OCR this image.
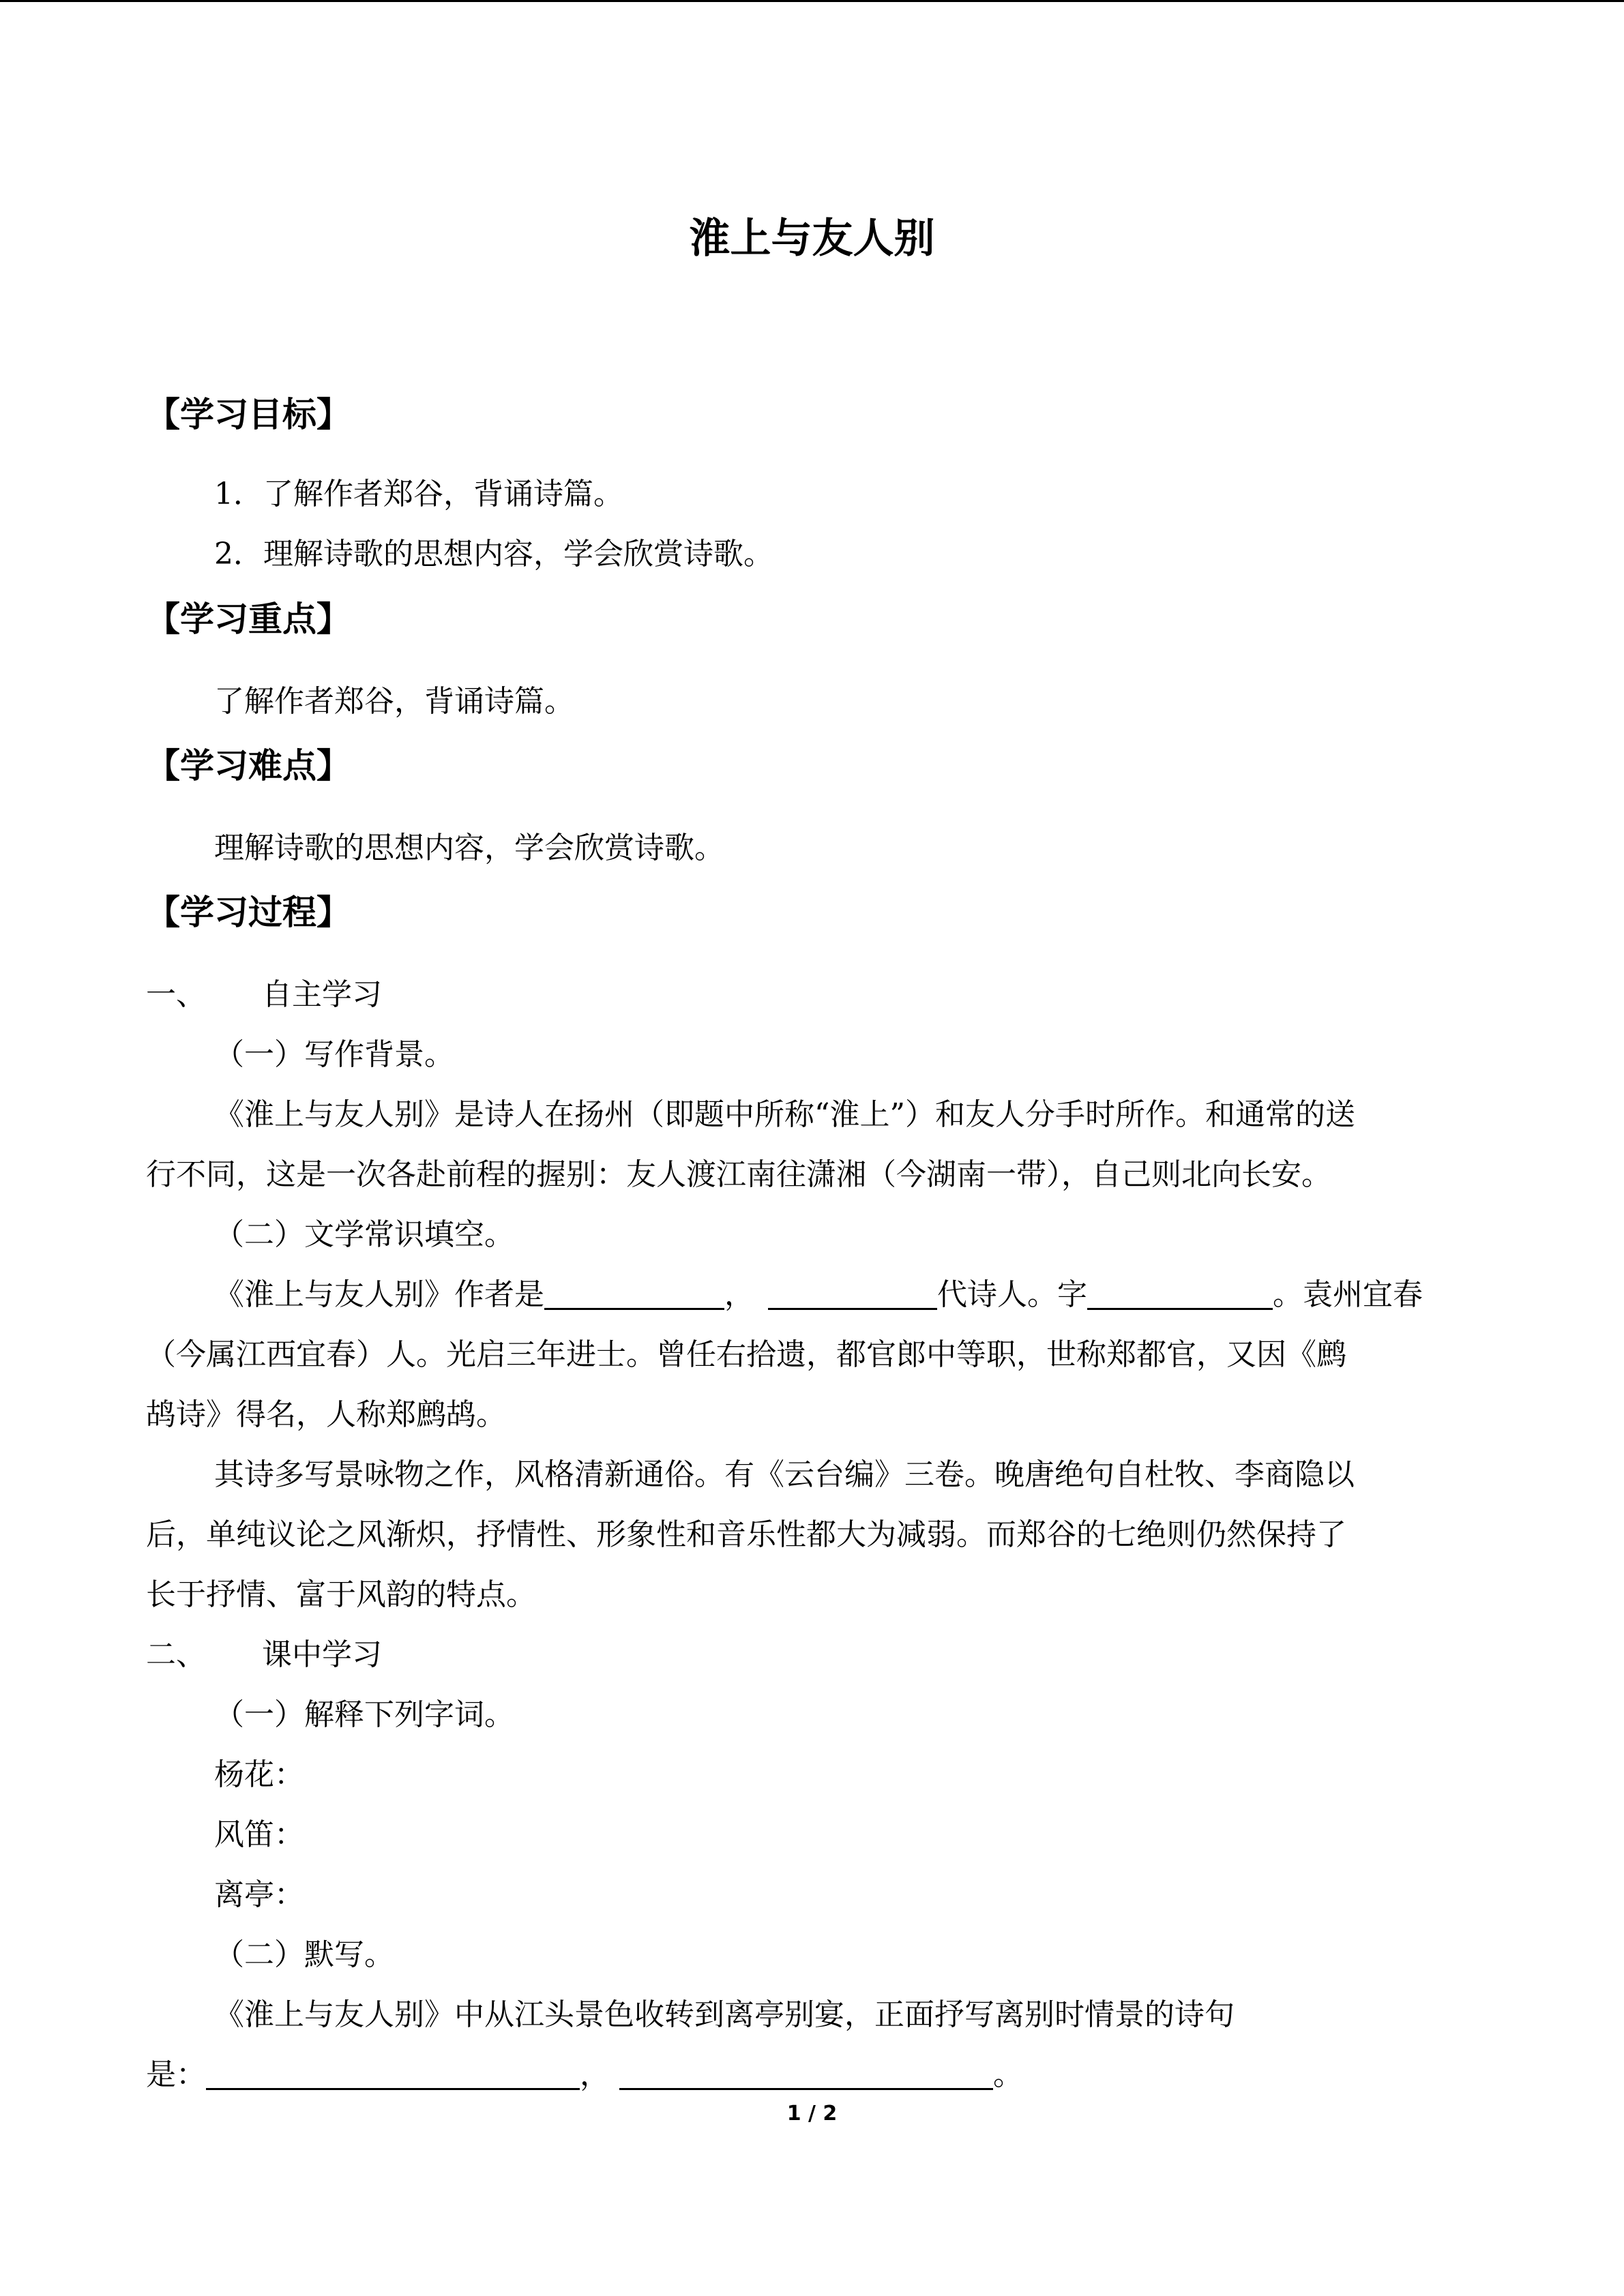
淮上与友人别
【学习目标】
1．了解作者郑谷，背诵诗篇。
2．理解诗歌的思想内容，学会欣赏诗歌。
【学习重点】
了解作者郑谷，背诵诗篇。
【学习难点】
理解诗歌的思想内容，学会欣赏诗歌。
【学习过程】
一、 自主学习
（一）写作背景。
《淮上与友人别》是诗人在扬州（即题中所称“淮上”）和友人分手时所作。和通常的送
行不同，这是一次各赴前程的握别：友人渡江南往潇湘（今湖南一带），自己则北向长安。
（二）文学常识填空。
《淮上与友人别》作者是	，	代诗人。字	。袁州宜春
（今属江西宜春）人。光启三年进士。曾任右拾遗，都官郎中等职，世称郑都官，又因《鹧
鸪诗》得名，人称郑鹧鸪。
其诗多写景咏物之作，风格清新通俗。有《云台编》三卷。晚唐绝句自杜牧、李商隐以
后，单纯议论之风渐炽，抒情性、形象性和音乐性都大为减弱。而郑谷的七绝则仍然保持了
长于抒情、富于风韵的特点。
二、 课中学习
（一）解释下列字词。
杨花：
风笛：
离亭：
（二）默写。
《淮上与友人别》中从江头景色收转到离亭别宴，正面抒写离别时情景的诗句
是：	，	。
1 / 2
